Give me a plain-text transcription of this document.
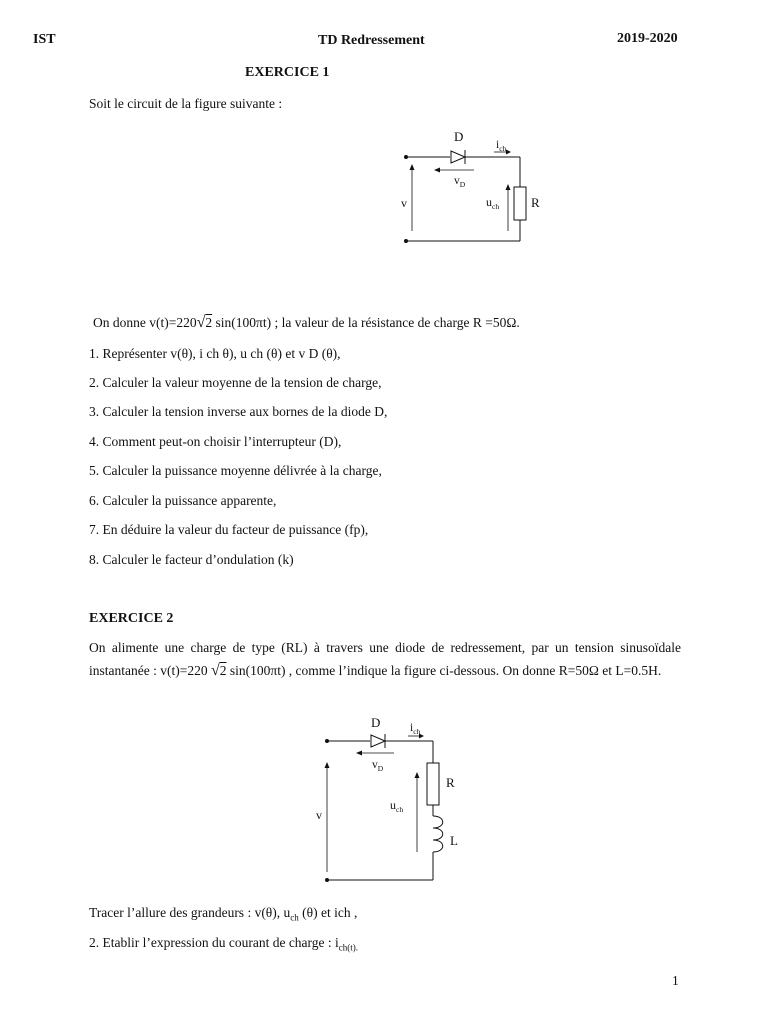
IST	TD Redressement	2019-2020
EXERCICE 1
Soit le circuit de la figure suivante :
D
$i_{ch}$
$v_D$
v	$u_{ch}$ R
On donne v(t)=220√2 sin(100πt) ; la valeur de la résistance de charge R =50Ω.
1. Représenter v(θ), i ch θ), u ch (θ) et v D (θ),
2. Calculer la valeur moyenne de la tension de charge,
3. Calculer la tension inverse aux bornes de la diode D,
4. Comment peut-on choisir l’interrupteur (D),
5. Calculer la puissance moyenne délivrée à la charge,
6. Calculer la puissance apparente,
7. En déduire la valeur du facteur de puissance (fp),
8. Calculer le facteur d’ondulation (k)
EXERCICE 2
On alimente une charge de type (RL) à travers une diode de redressement, par un tension sinusoïdale instantanée : v(t)=220 √2 sin(100πt) , comme l’indique la figure ci-dessous. On donne R=50Ω et L=0.5H.
D	$i_{ch}$
$v_D$
v
$u_{ch}$
R
L
Tracer l’allure des grandeurs : v(θ), $u_{ch}$ (θ) et ich ,
2. Etablir l’expression du courant de charge : $i_{ch(t).}$
1
